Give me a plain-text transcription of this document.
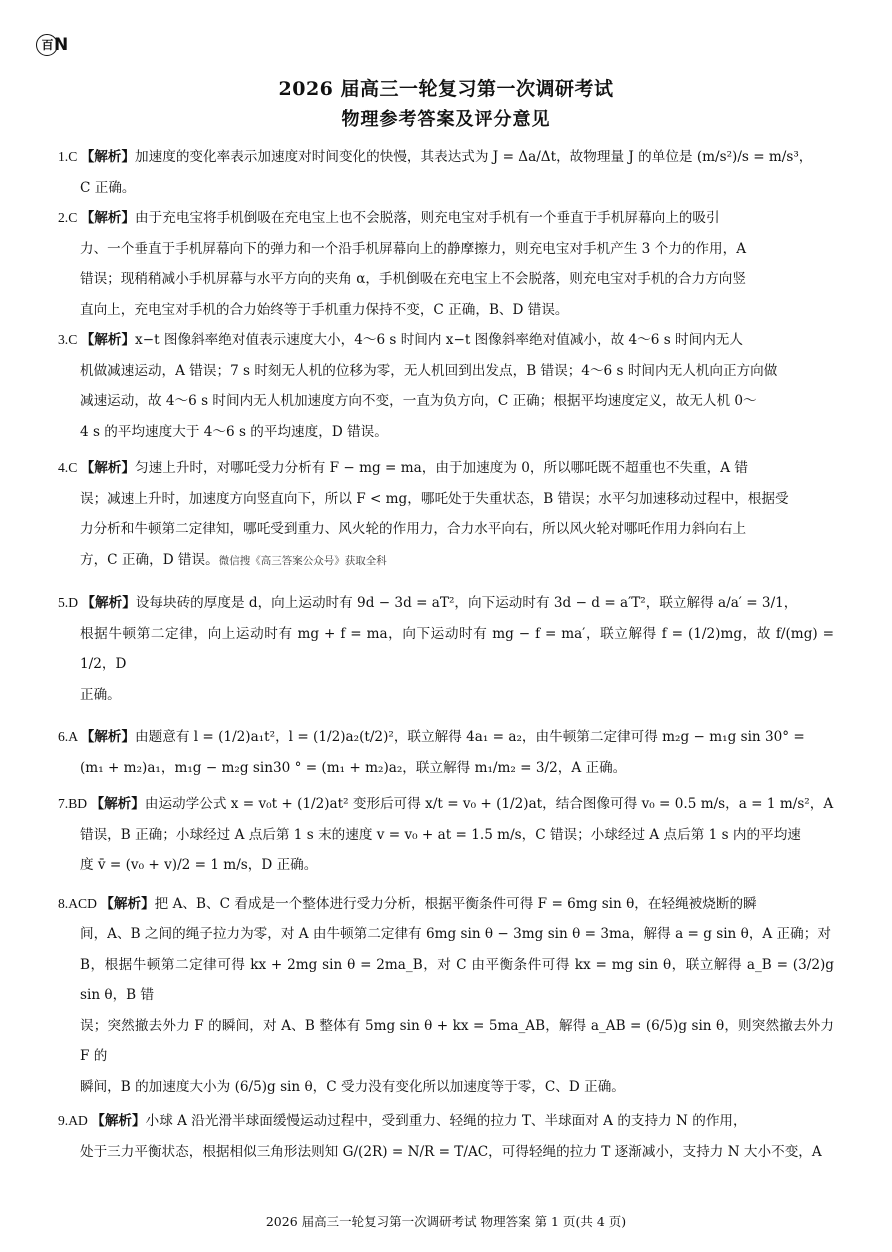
百N
2026 届高三一轮复习第一次调研考试
物理参考答案及评分意见
1.C 【解析】加速度的变化率表示加速度对时间变化的快慢，其表达式为 J = Δa/Δt，故物理量 J 的单位是 (m/s²)/s = m/s³，
C 正确。
2.C 【解析】由于充电宝将手机倒吸在充电宝上也不会脱落，则充电宝对手机有一个垂直于手机屏幕向上的吸引
力、一个垂直于手机屏幕向下的弹力和一个沿手机屏幕向上的静摩擦力，则充电宝对手机产生 3 个力的作用，A
错误；现稍稍减小手机屏幕与水平方向的夹角 α，手机倒吸在充电宝上不会脱落，则充电宝对手机的合力方向竖
直向上，充电宝对手机的合力始终等于手机重力保持不变，C 正确，B、D 错误。
3.C 【解析】x−t 图像斜率绝对值表示速度大小，4～6 s 时间内 x−t 图像斜率绝对值减小，故 4～6 s 时间内无人
机做减速运动，A 错误；7 s 时刻无人机的位移为零，无人机回到出发点，B 错误；4～6 s 时间内无人机向正方向做
减速运动，故 4～6 s 时间内无人机加速度方向不变，一直为负方向，C 正确；根据平均速度定义，故无人机 0～
4 s 的平均速度大于 4～6 s 的平均速度，D 错误。
4.C 【解析】匀速上升时，对哪吒受力分析有 F − mg = ma，由于加速度为 0，所以哪吒既不超重也不失重，A 错
误；减速上升时，加速度方向竖直向下，所以 F < mg，哪吒处于失重状态，B 错误；水平匀加速移动过程中，根据受
力分析和牛顿第二定律知，哪吒受到重力、风火轮的作用力，合力水平向右，所以风火轮对哪吒作用力斜向右上
方，C 正确，D 错误。微信搜《高三答案公众号》获取全科
5.D 【解析】设每块砖的厚度是 d，向上运动时有 9d − 3d = aT²，向下运动时有 3d − d = a′T²，联立解得 a/a′ = 3/1，
根据牛顿第二定律，向上运动时有 mg + f = ma，向下运动时有 mg − f = ma′，联立解得 f = (1/2)mg，故 f/(mg) = 1/2，D
正确。
6.A 【解析】由题意有 l = (1/2)a₁t²，l = (1/2)a₂(t/2)²，联立解得 4a₁ = a₂，由牛顿第二定律可得 m₂g − m₁g sin 30° =
(m₁ + m₂)a₁，m₁g − m₂g sin30 ° = (m₁ + m₂)a₂，联立解得 m₁/m₂ = 3/2，A 正确。
7.BD 【解析】由运动学公式 x = v₀t + (1/2)at² 变形后可得 x/t = v₀ + (1/2)at，结合图像可得 v₀ = 0.5 m/s，a = 1 m/s²，A
错误，B 正确；小球经过 A 点后第 1 s 末的速度 v = v₀ + at = 1.5 m/s，C 错误；小球经过 A 点后第 1 s 内的平均速
度 v̄ = (v₀ + v)/2 = 1 m/s，D 正确。
8.ACD 【解析】把 A、B、C 看成是一个整体进行受力分析，根据平衡条件可得 F = 6mg sin θ，在轻绳被烧断的瞬
间，A、B 之间的绳子拉力为零，对 A 由牛顿第二定律有 6mg sin θ − 3mg sin θ = 3ma，解得 a = g sin θ，A 正确；对
B，根据牛顿第二定律可得 kx + 2mg sin θ = 2ma_B，对 C 由平衡条件可得 kx = mg sin θ，联立解得 a_B = (3/2)g sin θ，B 错
误；突然撤去外力 F 的瞬间，对 A、B 整体有 5mg sin θ + kx = 5ma_AB，解得 a_AB = (6/5)g sin θ，则突然撤去外力 F 的
瞬间，B 的加速度大小为 (6/5)g sin θ，C 受力没有变化所以加速度等于零，C、D 正确。
9.AD 【解析】小球 A 沿光滑半球面缓慢运动过程中，受到重力、轻绳的拉力 T、半球面对 A 的支持力 N 的作用，
处于三力平衡状态，根据相似三角形法则知 G/(2R) = N/R = T/AC，可得轻绳的拉力 T 逐渐减小，支持力 N 大小不变，A
2026 届高三一轮复习第一次调研考试 物理答案 第 1 页(共 4 页)
